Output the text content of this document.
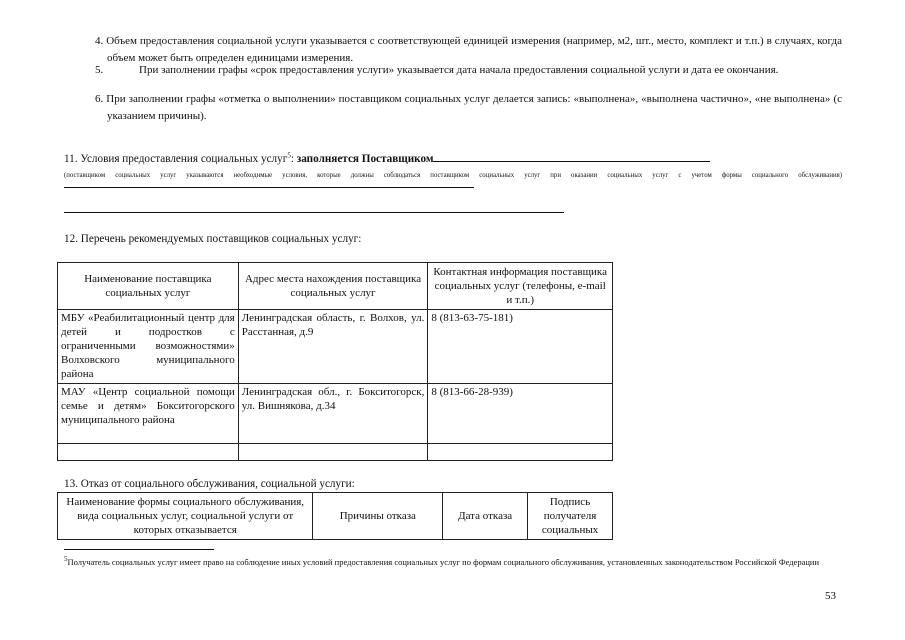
4. Объем предоставления социальной услуги указывается с соответствующей единицей измерения (например, м2, шт., место, комплект и т.п.) в случаях, когда объем может быть определен единицами измерения.
5.	При заполнении графы «срок предоставления услуги» указывается дата начала предоставления социальной услуги и дата ее окончания.
6. При заполнении графы «отметка о выполнении» поставщиком социальных услуг делается запись: «выполнена», «выполнена частично», «не выполнена» (с указанием причины).
11. Условия предоставления социальных услуг$^5$: заполняется Поставщиком
(поставщиком социальных услуг указываются необходимые условия, которые должны соблюдаться поставщиком социальных услуг при оказании социальных услуг с учетом формы социального обслуживания)
12. Перечень рекомендуемых поставщиков социальных услуг:
Наименование поставщика социальных услуг	Адрес места нахождения поставщика социальных услуг	Контактная информация поставщика социальных услуг (телефоны, e-mail и т.п.)
МБУ «Реабилитационный центр для детей и подростков с ограниченными возможностями» Волховского муниципального района	Ленинградская область, г. Волхов, ул. Расстанная, д.9	8 (813-63-75-181)
МАУ «Центр социальной помощи семье и детям» Бокситогорского муниципального района	Ленинградская обл., г. Бокситогорск, ул. Вишнякова, д.34	8 (813-66-28-939)

13. Отказ от социального обслуживания, социальной услуги:
Наименование формы социального обслуживания, вида социальных услуг, социальной услуги от которых отказывается	Причины отказа	Дата отказа	Подпись получателя социальных
$^5$Получатель социальных услуг имеет право на соблюдение иных условий предоставления социальных услуг по формам социального обслуживания, установленных законодательством Российской Федерации
53
